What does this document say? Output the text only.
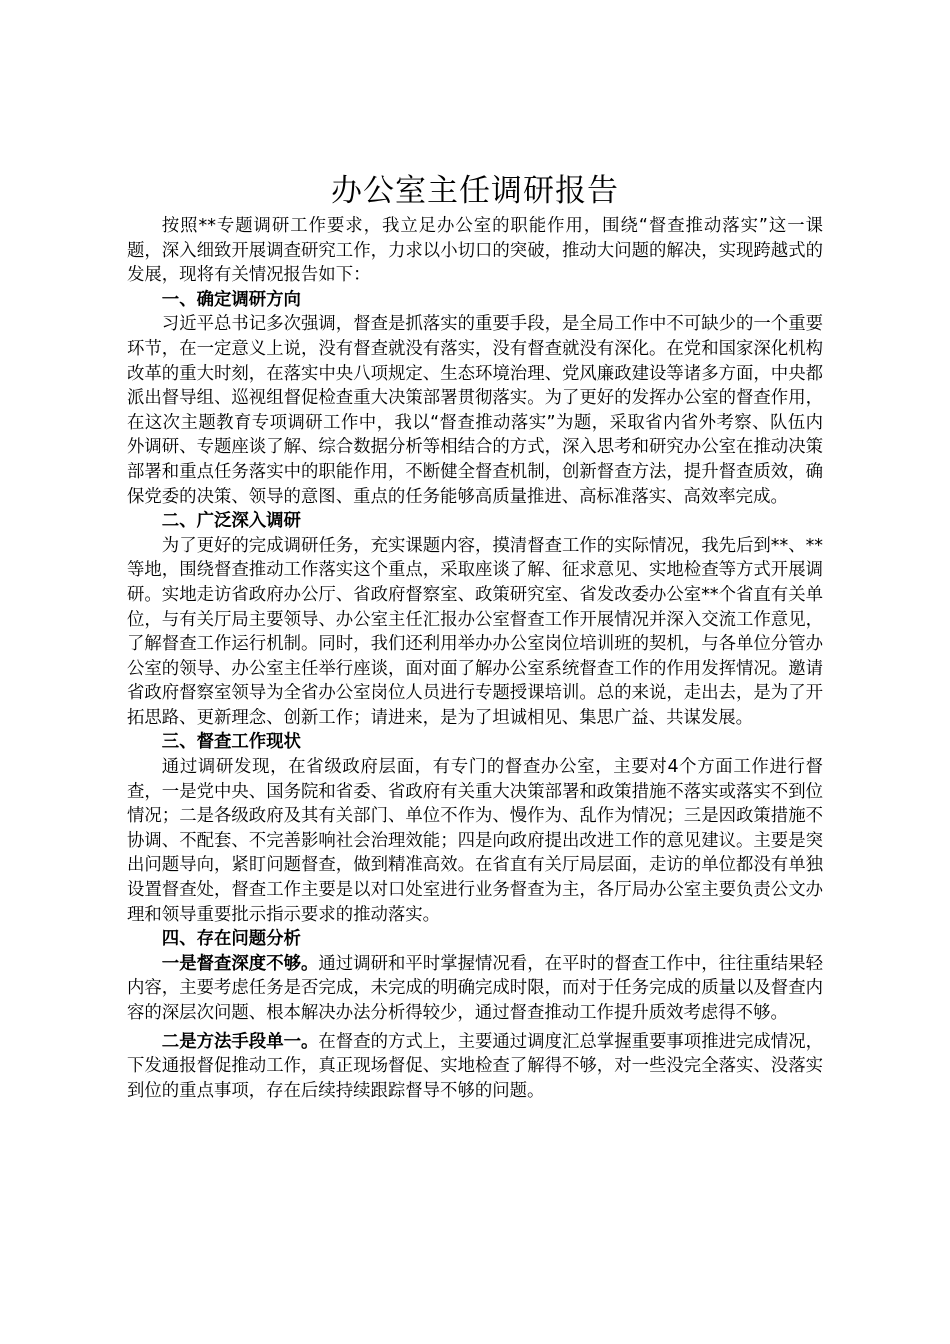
办公室主任调研报告

按照**专题调研工作要求，我立足办公室的职能作用，围绕“督查推动落实”这一课题，深入细致开展调查研究工作，力求以小切口的突破，推动大问题的解决，实现跨越式的发展，现将有关情况报告如下：

一、确定调研方向

习近平总书记多次强调，督查是抓落实的重要手段，是全局工作中不可缺少的一个重要环节，在一定意义上说，没有督查就没有落实，没有督查就没有深化。在党和国家深化机构改革的重大时刻，在落实中央八项规定、生态环境治理、党风廉政建设等诸多方面，中央都派出督导组、巡视组督促检查重大决策部署贯彻落实。为了更好的发挥办公室的督查作用，在这次主题教育专项调研工作中，我以“督查推动落实”为题，采取省内省外考察、队伍内外调研、专题座谈了解、综合数据分析等相结合的方式，深入思考和研究办公室在推动决策部署和重点任务落实中的职能作用，不断健全督查机制，创新督查方法，提升督查质效，确保党委的决策、领导的意图、重点的任务能够高质量推进、高标准落实、高效率完成。

二、广泛深入调研

为了更好的完成调研任务，充实课题内容，摸清督查工作的实际情况，我先后到**、**等地，围绕督查推动工作落实这个重点，采取座谈了解、征求意见、实地检查等方式开展调研。实地走访省政府办公厅、省政府督察室、政策研究室、省发改委办公室**个省直有关单位，与有关厅局主要领导、办公室主任汇报办公室督查工作开展情况并深入交流工作意见，了解督查工作运行机制。同时，我们还利用举办办公室岗位培训班的契机，与各单位分管办公室的领导、办公室主任举行座谈，面对面了解办公室系统督查工作的作用发挥情况。邀请省政府督察室领导为全省办公室岗位人员进行专题授课培训。总的来说，走出去，是为了开拓思路、更新理念、创新工作；请进来，是为了坦诚相见、集思广益、共谋发展。

三、督查工作现状

通过调研发现，在省级政府层面，有专门的督查办公室，主要对4个方面工作进行督查，一是党中央、国务院和省委、省政府有关重大决策部署和政策措施不落实或落实不到位情况；二是各级政府及其有关部门、单位不作为、慢作为、乱作为情况；三是因政策措施不协调、不配套、不完善影响社会治理效能；四是向政府提出改进工作的意见建议。主要是突出问题导向，紧盯问题督查，做到精准高效。在省直有关厅局层面，走访的单位都没有单独设置督查处，督查工作主要是以对口处室进行业务督查为主，各厅局办公室主要负责公文办理和领导重要批示指示要求的推动落实。

四、存在问题分析

一是督查深度不够。通过调研和平时掌握情况看，在平时的督查工作中，往往重结果轻内容，主要考虑任务是否完成，未完成的明确完成时限，而对于任务完成的质量以及督查内容的深层次问题、根本解决办法分析得较少，通过督查推动工作提升质效考虑得不够。

二是方法手段单一。在督查的方式上，主要通过调度汇总掌握重要事项推进完成情况，下发通报督促推动工作，真正现场督促、实地检查了解得不够，对一些没完全落实、没落实到位的重点事项，存在后续持续跟踪督导不够的问题。
